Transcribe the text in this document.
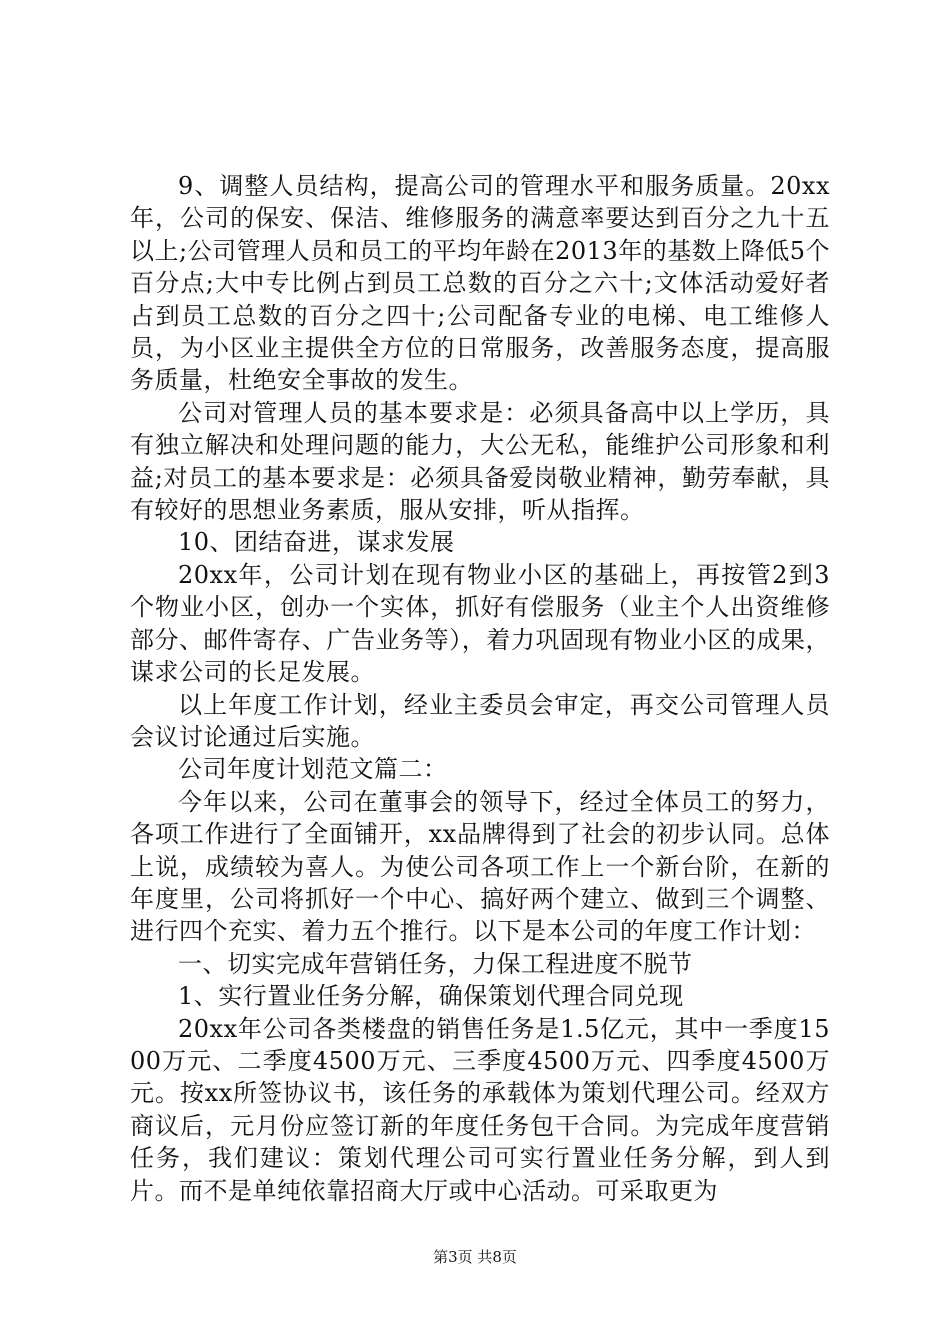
9、调整人员结构，提高公司的管理水平和服务质量。20xx年，公司的保安、保洁、维修服务的满意率要达到百分之九十五以上;公司管理人员和员工的平均年龄在2013年的基数上降低5个百分点;大中专比例占到员工总数的百分之六十;文体活动爱好者占到员工总数的百分之四十;公司配备专业的电梯、电工维修人员，为小区业主提供全方位的日常服务，改善服务态度，提高服务质量，杜绝安全事故的发生。

公司对管理人员的基本要求是：必须具备高中以上学历，具有独立解决和处理问题的能力，大公无私，能维护公司形象和利益;对员工的基本要求是：必须具备爱岗敬业精神，勤劳奉献，具有较好的思想业务素质，服从安排，听从指挥。

10、团结奋进，谋求发展

20xx年，公司计划在现有物业小区的基础上，再按管2到3个物业小区，创办一个实体，抓好有偿服务（业主个人出资维修部分、邮件寄存、广告业务等），着力巩固现有物业小区的成果，谋求公司的长足发展。

以上年度工作计划，经业主委员会审定，再交公司管理人员会议讨论通过后实施。

公司年度计划范文篇二：

今年以来，公司在董事会的领导下，经过全体员工的努力，各项工作进行了全面铺开，xx品牌得到了社会的初步认同。总体上说，成绩较为喜人。为使公司各项工作上一个新台阶，在新的年度里，公司将抓好一个中心、搞好两个建立、做到三个调整、进行四个充实、着力五个推行。以下是本公司的年度工作计划：

一、切实完成年营销任务，力保工程进度不脱节

1、实行置业任务分解，确保策划代理合同兑现

20xx年公司各类楼盘的销售任务是1.5亿元，其中一季度1500万元、二季度4500万元、三季度4500万元、四季度4500万元。按xx所签协议书，该任务的承载体为策划代理公司。经双方商议后，元月份应签订新的年度任务包干合同。为完成年度营销任务，我们建议：策划代理公司可实行置业任务分解，到人到片。而不是单纯依靠招商大厅或中心活动。可采取更为

第3页 共8页
